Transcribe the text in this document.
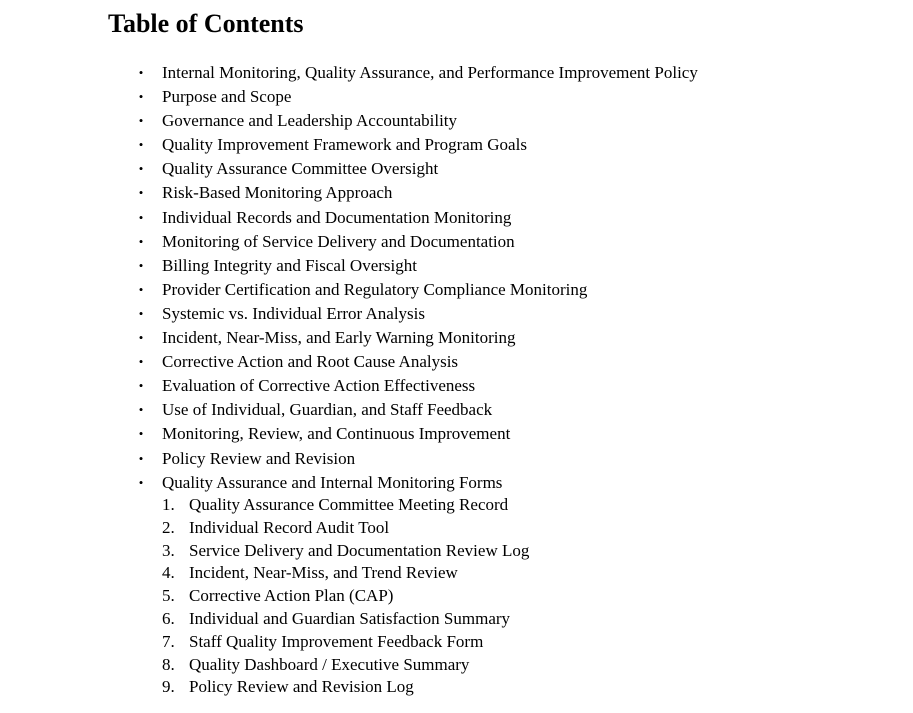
Table of Contents
• Internal Monitoring, Quality Assurance, and Performance Improvement Policy
• Purpose and Scope
• Governance and Leadership Accountability
• Quality Improvement Framework and Program Goals
• Quality Assurance Committee Oversight
• Risk-Based Monitoring Approach
• Individual Records and Documentation Monitoring
• Monitoring of Service Delivery and Documentation
• Billing Integrity and Fiscal Oversight
• Provider Certification and Regulatory Compliance Monitoring
• Systemic vs. Individual Error Analysis
• Incident, Near-Miss, and Early Warning Monitoring
• Corrective Action and Root Cause Analysis
• Evaluation of Corrective Action Effectiveness
• Use of Individual, Guardian, and Staff Feedback
• Monitoring, Review, and Continuous Improvement
• Policy Review and Revision
• Quality Assurance and Internal Monitoring Forms
1. Quality Assurance Committee Meeting Record
2. Individual Record Audit Tool
3. Service Delivery and Documentation Review Log
4. Incident, Near-Miss, and Trend Review
5. Corrective Action Plan (CAP)
6. Individual and Guardian Satisfaction Summary
7. Staff Quality Improvement Feedback Form
8. Quality Dashboard / Executive Summary
9. Policy Review and Revision Log
